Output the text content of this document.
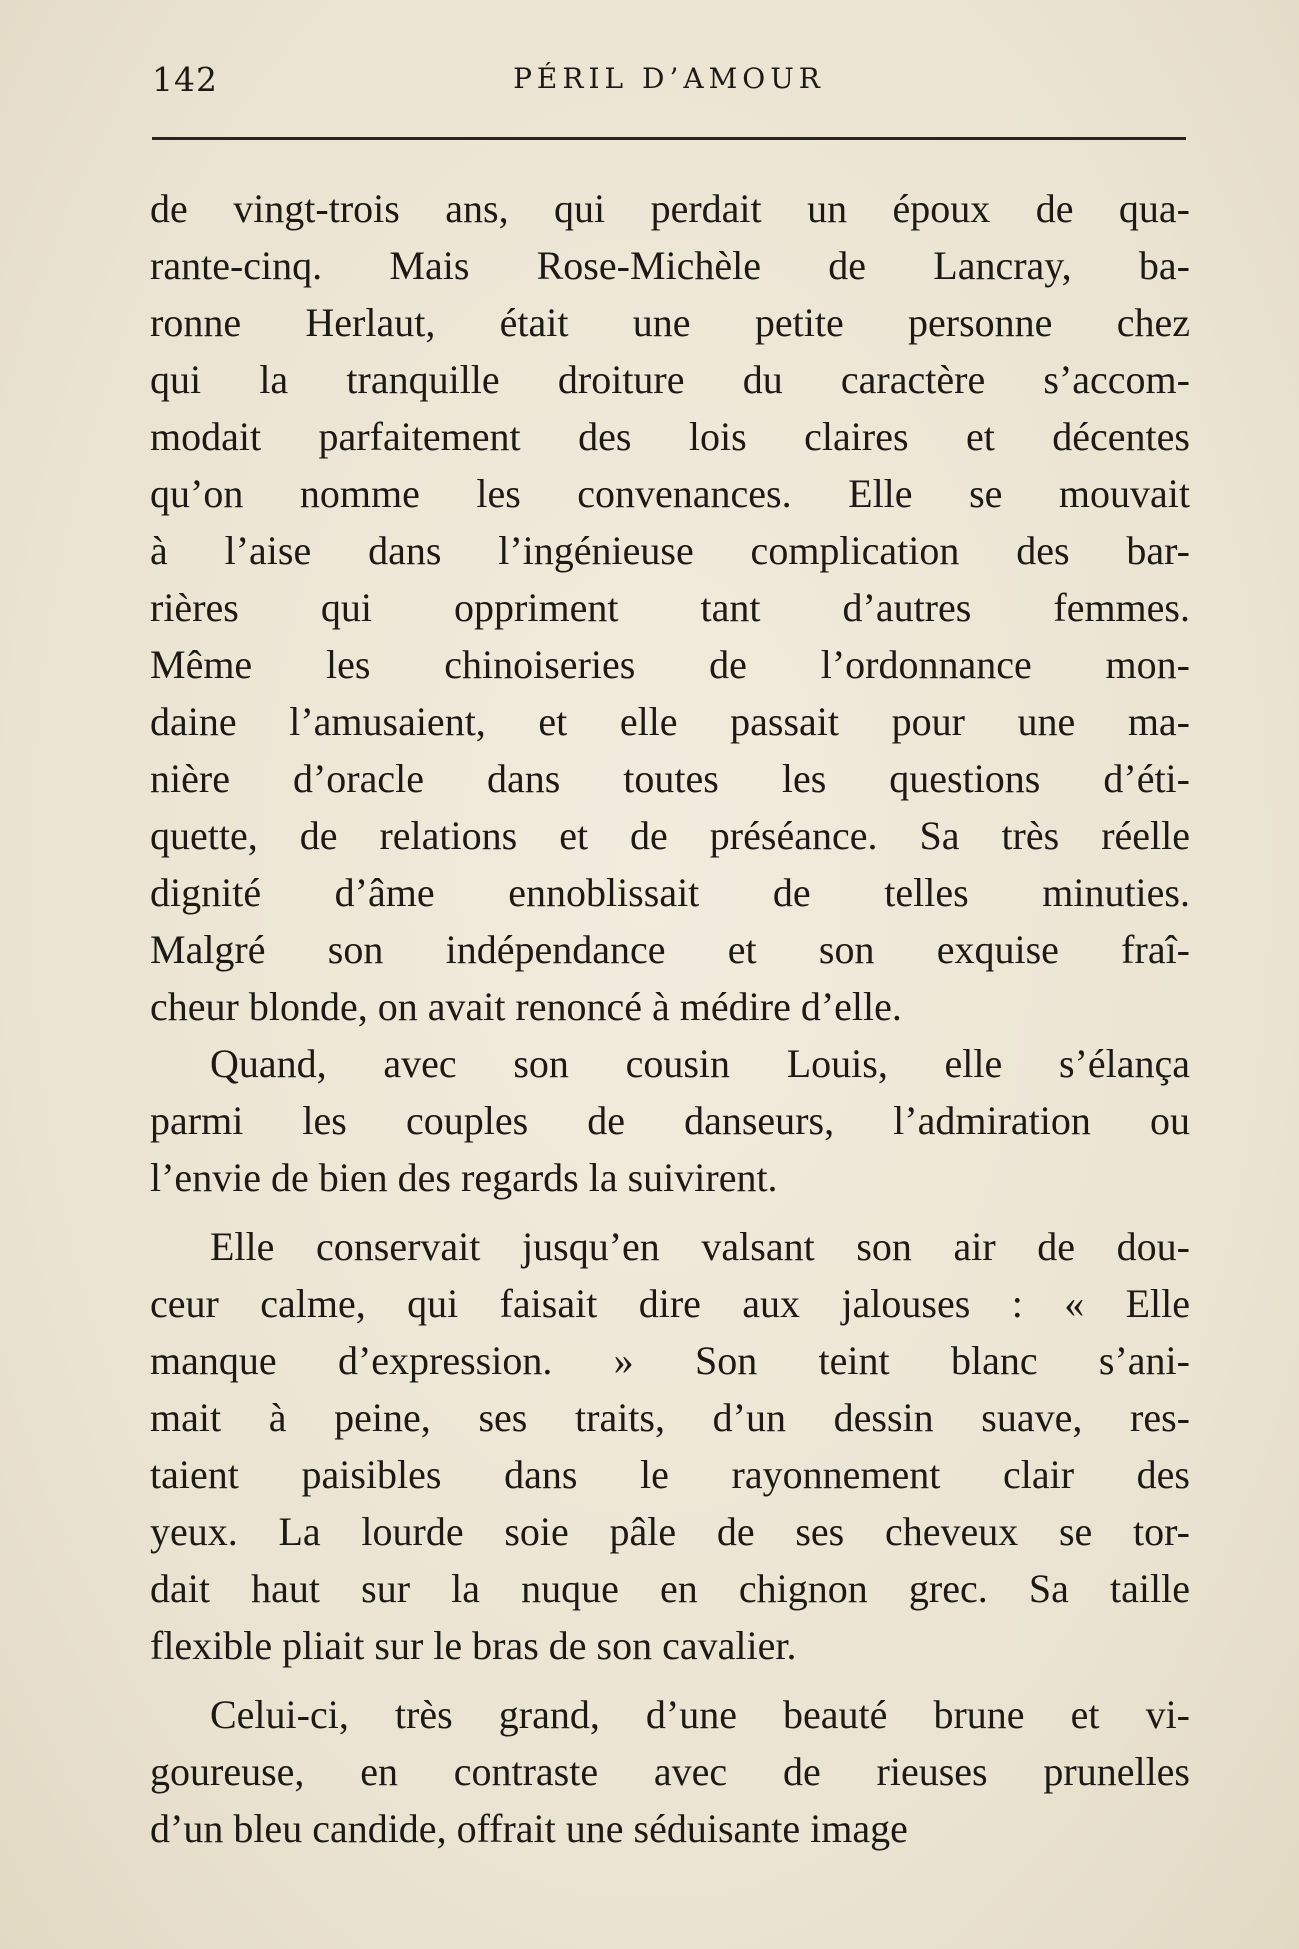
142	PÉRIL D’AMOUR
de vingt-trois ans, qui perdait un époux de qua-
rante-cinq. Mais Rose-Michèle de Lancray, ba-
ronne Herlaut, était une petite personne chez
qui la tranquille droiture du caractère s’accom-
modait parfaitement des lois claires et décentes
qu’on nomme les convenances. Elle se mouvait
à l’aise dans l’ingénieuse complication des bar-
rières qui oppriment tant d’autres femmes.
Même les chinoiseries de l’ordonnance mon-
daine l’amusaient, et elle passait pour une ma-
nière d’oracle dans toutes les questions d’éti-
quette, de relations et de préséance. Sa très réelle
dignité d’âme ennoblissait de telles minuties.
Malgré son indépendance et son exquise fraî-
cheur blonde, on avait renoncé à médire d’elle.
Quand, avec son cousin Louis, elle s’élança
parmi les couples de danseurs, l’admiration ou
l’envie de bien des regards la suivirent.
Elle conservait jusqu’en valsant son air de dou-
ceur calme, qui faisait dire aux jalouses : « Elle
manque d’expression. » Son teint blanc s’ani-
mait à peine, ses traits, d’un dessin suave, res-
taient paisibles dans le rayonnement clair des
yeux. La lourde soie pâle de ses cheveux se tor-
dait haut sur la nuque en chignon grec. Sa taille
flexible pliait sur le bras de son cavalier.
Celui-ci, très grand, d’une beauté brune et vi-
goureuse, en contraste avec de rieuses prunelles
d’un bleu candide, offrait une séduisante image
